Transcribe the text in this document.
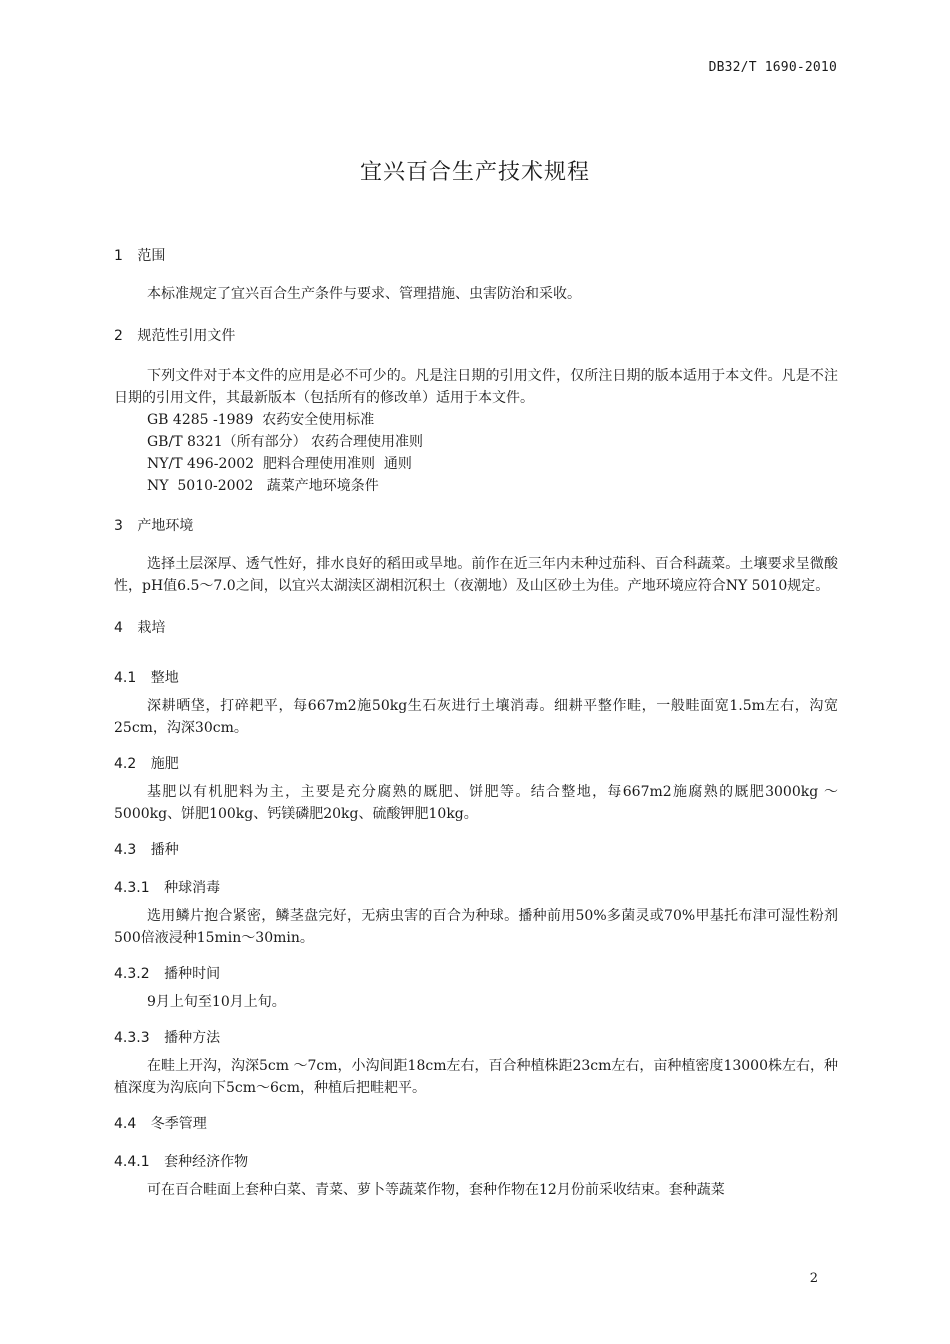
DB32/T 1690-2010
宜兴百合生产技术规程
1 范围

本标准规定了宜兴百合生产条件与要求、管理措施、虫害防治和采收。

2 规范性引用文件

下列文件对于本文件的应用是必不可少的。凡是注日期的引用文件，仅所注日期的版本适用于本文件。凡是不注日期的引用文件，其最新版本（包括所有的修改单）适用于本文件。

GB 4285 -1989  农药安全使用标准

GB/T 8321（所有部分） 农药合理使用准则

NY/T 496-2002  肥料合理使用准则  通则

NY  5010-2002   蔬菜产地环境条件

3 产地环境

选择土层深厚、透气性好，排水良好的稻田或旱地。前作在近三年内未种过茄科、百合科蔬菜。土壤要求呈微酸性，pH值6.5～7.0之间，以宜兴太湖渎区湖相沉积土（夜潮地）及山区砂土为佳。产地环境应符合NY 5010规定。

4 栽培
4.1 整地

深耕晒垡，打碎耙平，每667m2施50kg生石灰进行土壤消毒。细耕平整作畦，一般畦面宽1.5m左右，沟宽25cm，沟深30cm。

4.2 施肥

基肥以有机肥料为主，主要是充分腐熟的厩肥、饼肥等。结合整地，每667m2施腐熟的厩肥3000kg ～5000kg、饼肥100kg、钙镁磷肥20kg、硫酸钾肥10kg。

4.3 播种
4.3.1 种球消毒

选用鳞片抱合紧密，鳞茎盘完好，无病虫害的百合为种球。播种前用50%多菌灵或70%甲基托布津可湿性粉剂500倍液浸种15min～30min。

4.3.2 播种时间

9月上旬至10月上旬。

4.3.3 播种方法

在畦上开沟，沟深5cm ～7cm，小沟间距18cm左右，百合种植株距23cm左右，亩种植密度13000株左右，种植深度为沟底向下5cm～6cm，种植后把畦耙平。

4.4 冬季管理
4.4.1 套种经济作物

可在百合畦面上套种白菜、青菜、萝卜等蔬菜作物，套种作物在12月份前采收结束。套种蔬菜

2
